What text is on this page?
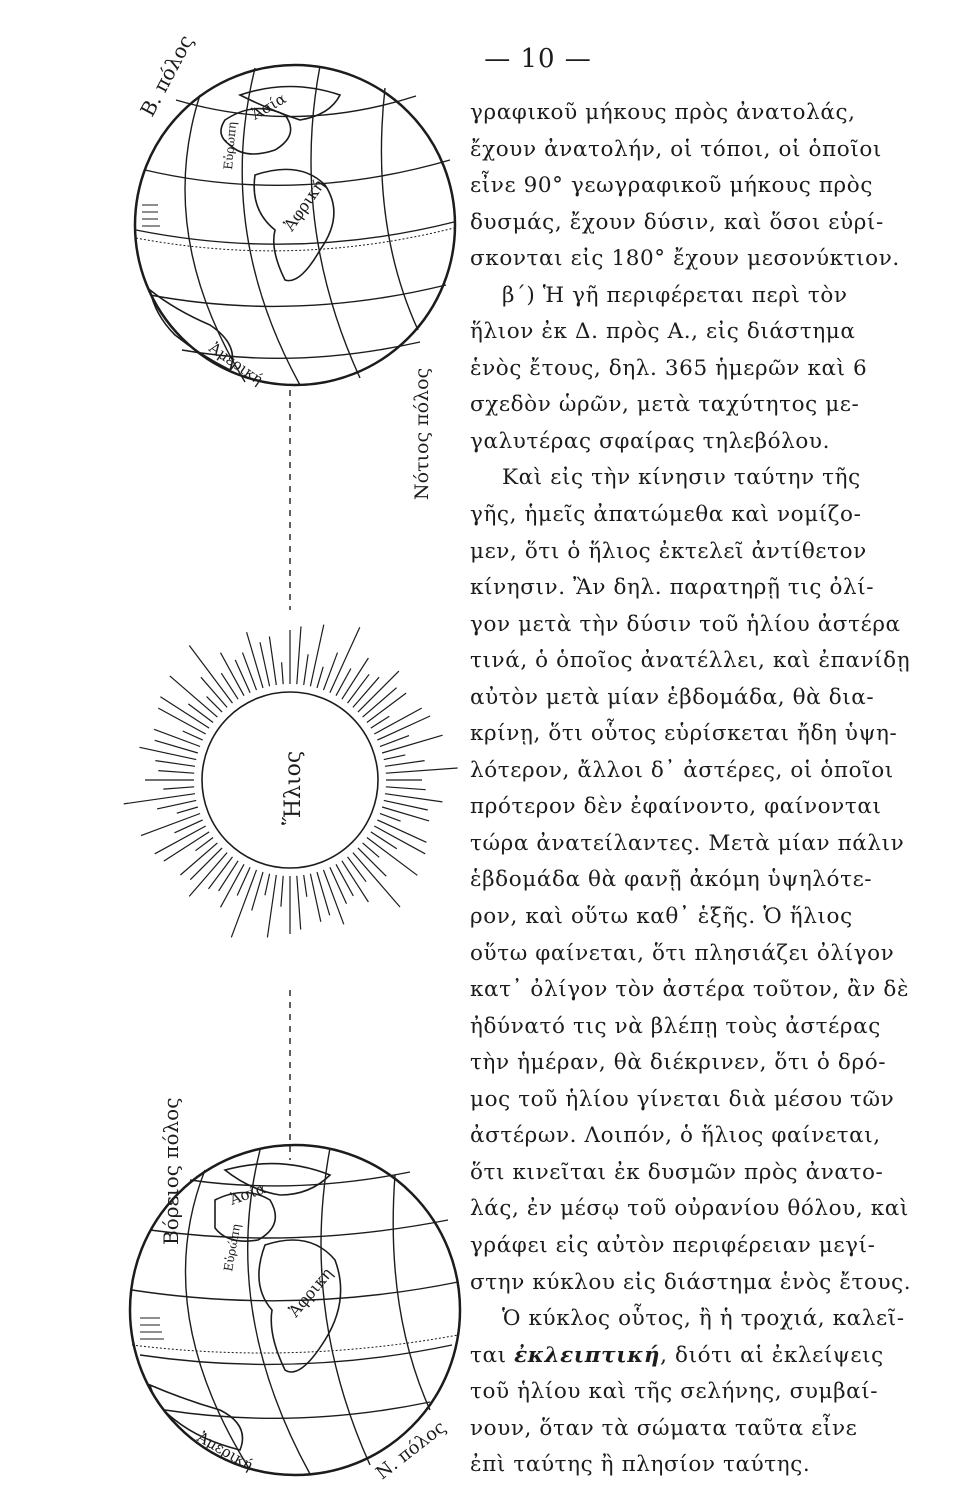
— 10 —
Β. πόλος
Νότιος πόλος
Ἀσία
Εὐρώπη
Ἀφρική
Ἀμερική
Ἥλιος
Βόρειος πόλος
Ν. πόλος
Ἀσία
Εὐρώπη
Ἀφρική
Ἀμερική
γραφικοῦ μήκους πρὸς ἀνατολάς,
ἔχουν ἀνατολήν, οἱ τόποι, οἱ ὁποῖοι
εἶνε 90° γεωγραφικοῦ μήκους πρὸς
δυσμάς, ἔχουν δύσιν, καὶ ὅσοι εὑρί-
σκονται εἰς 180° ἔχουν μεσονύκτιον.
β΄) Ἡ γῆ περιφέρεται περὶ τὸν
ἥλιον ἐκ Δ. πρὸς Α., εἰς διάστημα
ἑνὸς ἔτους, δηλ. 365 ἡμερῶν καὶ 6
σχεδὸν ὡρῶν, μετὰ ταχύτητος με-
γαλυτέρας σφαίρας τηλεβόλου.
Καὶ εἰς τὴν κίνησιν ταύτην τῆς
γῆς, ἡμεῖς ἀπατώμεθα καὶ νομίζο-
μεν, ὅτι ὁ ἥλιος ἐκτελεῖ ἀντίθετον
κίνησιν. Ἂν δηλ. παρατηρῇ τις ὀλί-
γον μετὰ τὴν δύσιν τοῦ ἡλίου ἀστέρα
τινά, ὁ ὁποῖος ἀνατέλλει, καὶ ἐπανίδῃ
αὐτὸν μετὰ μίαν ἑβδομάδα, θὰ δια-
κρίνῃ, ὅτι οὗτος εὑρίσκεται ἤδη ὑψη-
λότερον, ἄλλοι δ᾽ ἀστέρες, οἱ ὁποῖοι
πρότερον δὲν ἐφαίνοντο, φαίνονται
τώρα ἀνατείλαντες. Μετὰ μίαν πάλιν
ἑβδομάδα θὰ φανῇ ἀκόμη ὑψηλότε-
ρον, καὶ οὕτω καθ᾽ ἑξῆς. Ὁ ἥλιος
οὕτω φαίνεται, ὅτι πλησιάζει ὀλίγον
κατ᾽ ὀλίγον τὸν ἀστέρα τοῦτον, ἂν δὲ
ἠδύνατό τις νὰ βλέπῃ τοὺς ἀστέρας
τὴν ἡμέραν, θὰ διέκρινεν, ὅτι ὁ δρό-
μος τοῦ ἡλίου γίνεται διὰ μέσου τῶν
ἀστέρων. Λοιπόν, ὁ ἥλιος φαίνεται,
ὅτι κινεῖται ἐκ δυσμῶν πρὸς ἀνατο-
λάς, ἐν μέσῳ τοῦ οὐρανίου θόλου, καὶ
γράφει εἰς αὐτὸν περιφέρειαν μεγί-
στην κύκλου εἰς διάστημα ἑνὸς ἔτους.
Ὁ κύκλος οὗτος, ἢ ἡ τροχιά, καλεῖ-
ται ἐκλειπτική, διότι αἱ ἐκλείψεις
τοῦ ἡλίου καὶ τῆς σελήνης, συμβαί-
νουν, ὅταν τὰ σώματα ταῦτα εἶνε
ἐπὶ ταύτης ἢ πλησίον ταύτης.
